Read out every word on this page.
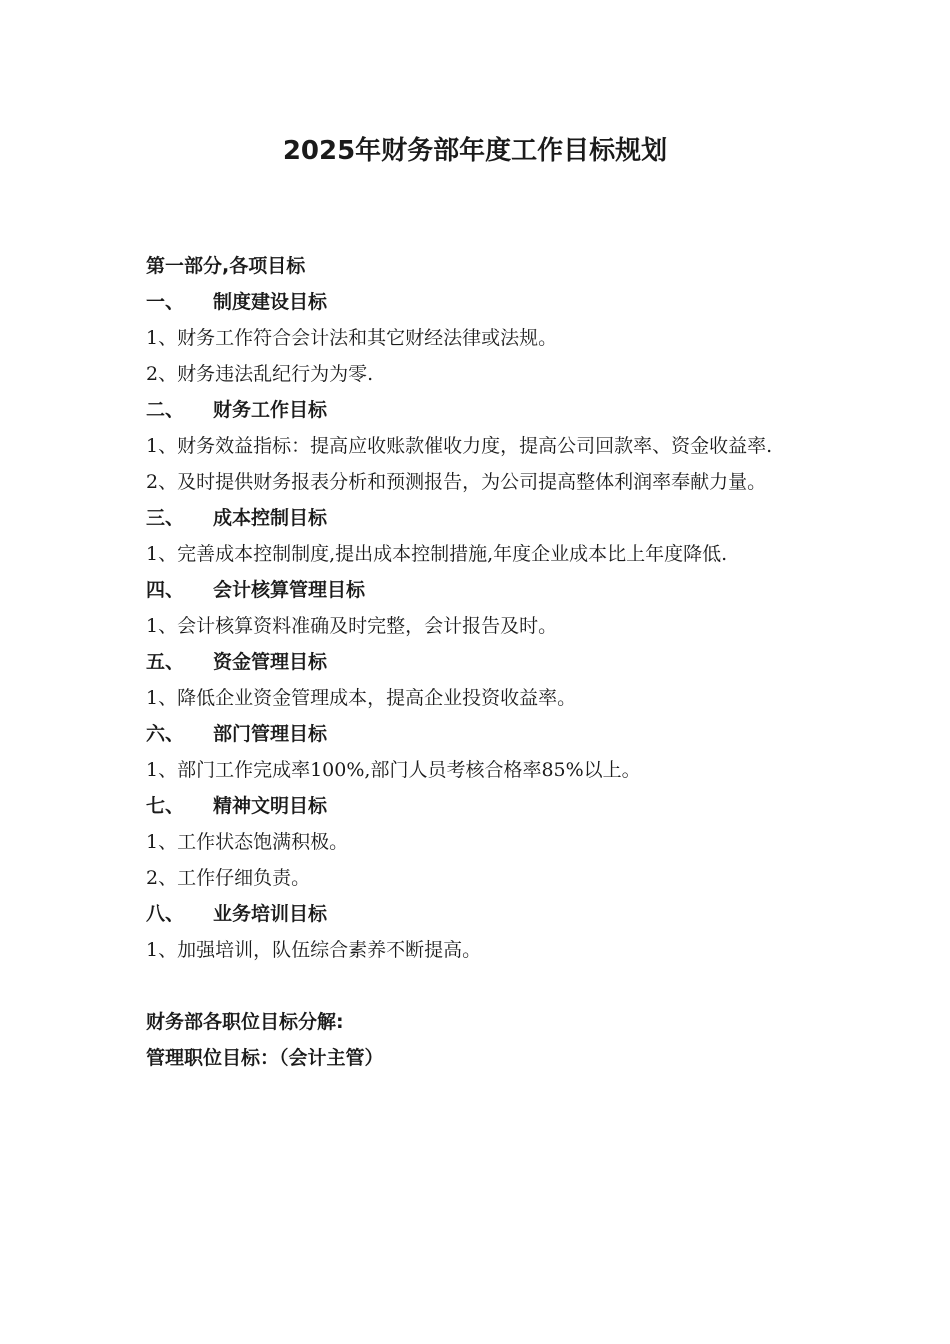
2025年财务部年度工作目标规划

第一部分,各项目标

一、 制度建设目标

1、财务工作符合会计法和其它财经法律或法规。

2、财务违法乱纪行为为零.

二、 财务工作目标

1、财务效益指标：提高应收账款催收力度，提高公司回款率、资金收益率.

2、及时提供财务报表分析和预测报告，为公司提高整体利润率奉献力量。

三、 成本控制目标

1、完善成本控制制度,提出成本控制措施,年度企业成本比上年度降低.

四、 会计核算管理目标

1、会计核算资料准确及时完整，会计报告及时。

五、 资金管理目标

1、降低企业资金管理成本，提高企业投资收益率。

六、 部门管理目标

1、部门工作完成率100%,部门人员考核合格率85%以上。

七、 精神文明目标

1、工作状态饱满积极。

2、工作仔细负责。

八、 业务培训目标

1、加强培训，队伍综合素养不断提高。

财务部各职位目标分解:

管理职位目标：（会计主管）
